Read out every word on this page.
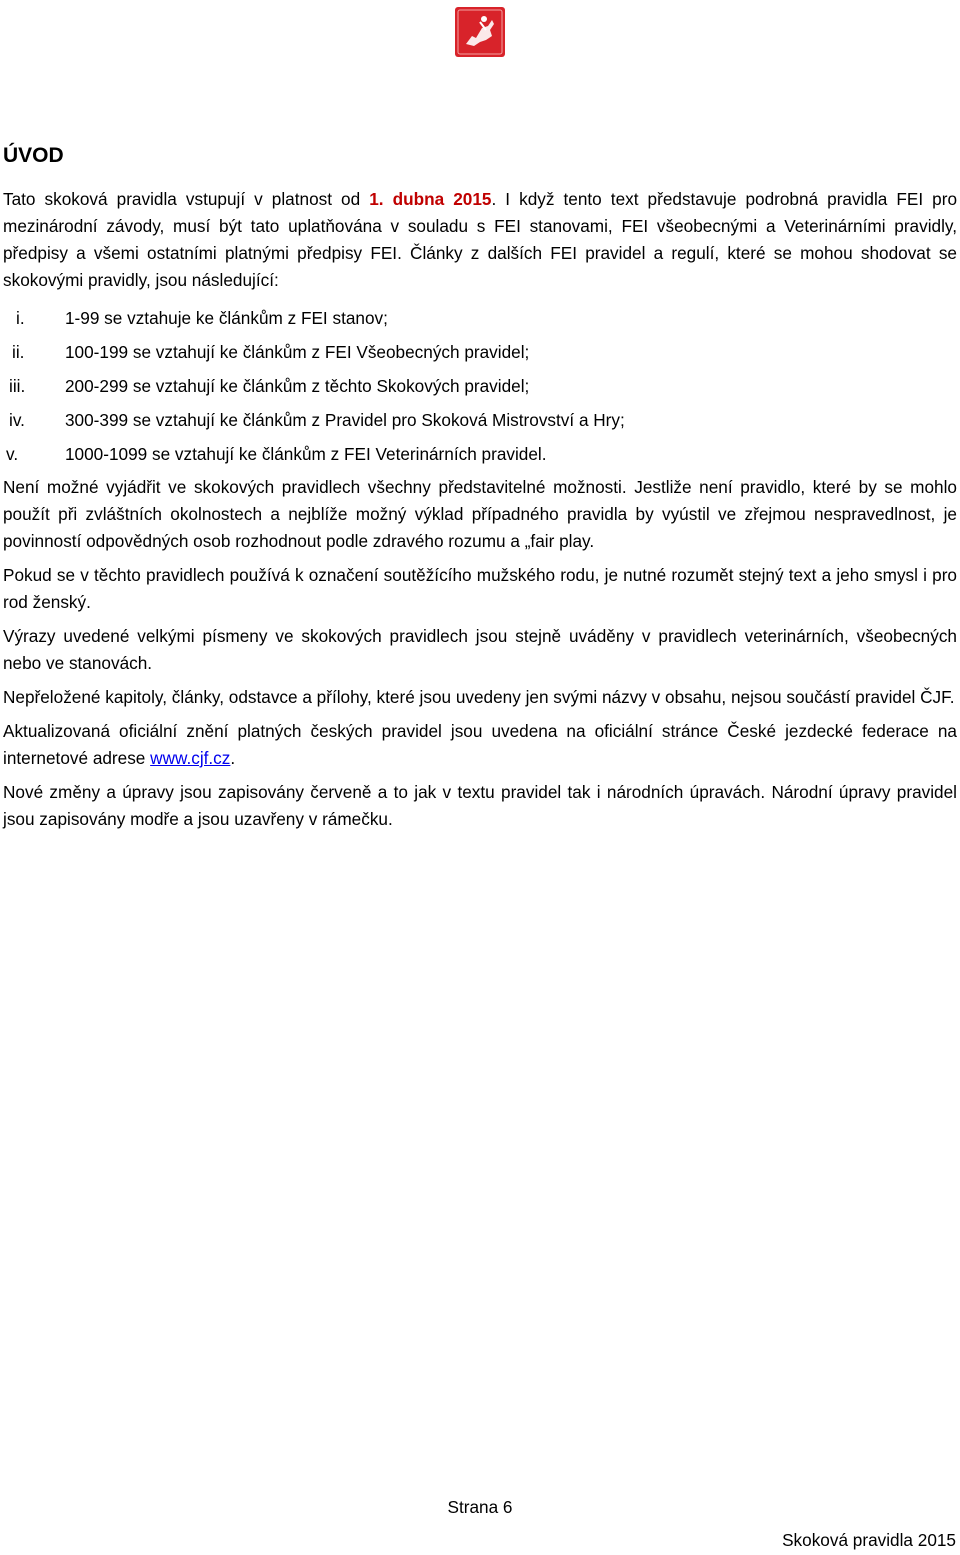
ÚVOD

Tato skoková pravidla vstupují v platnost od 1. dubna 2015. I když tento text představuje podrobná pravidla FEI pro mezinárodní závody, musí být tato uplatňována v souladu s FEI stanovami, FEI všeobecnými a Veterinárními pravidly, předpisy a všemi ostatními platnými předpisy FEI. Články z dalších FEI pravidel a regulí, které se mohou shodovat se skokovými pravidly, jsou následující:

i.	1-99 se vztahuje ke článkům z FEI stanov;
ii.	100-199 se vztahují ke článkům z FEI Všeobecných pravidel;
iii.	200-299 se vztahují ke článkům z těchto Skokových pravidel;
iv.	300-399 se vztahují ke článkům z Pravidel pro Skoková Mistrovství a Hry;
v.	1000-1099 se vztahují ke článkům z FEI Veterinárních pravidel.

Není možné vyjádřit ve skokových pravidlech všechny představitelné možnosti. Jestliže není pravidlo, které by se mohlo použít při zvláštních okolnostech a nejblíže možný výklad případného pravidla by vyústil ve zřejmou nespravedlnost, je povinností odpovědných osob rozhodnout podle zdravého rozumu a „fair play.

Pokud se v těchto pravidlech používá k označení soutěžícího mužského rodu, je nutné rozumět stejný text a jeho smysl i pro rod ženský.

Výrazy uvedené velkými písmeny ve skokových pravidlech jsou stejně uváděny v pravidlech veterinárních, všeobecných nebo ve stanovách.

Nepřeložené kapitoly, články, odstavce a přílohy, které jsou uvedeny jen svými názvy v obsahu, nejsou součástí pravidel ČJF.

Aktualizovaná oficiální znění platných českých pravidel jsou uvedena na oficiální stránce České jezdecké federace na internetové adrese www.cjf.cz.

Nové změny a úpravy jsou zapisovány červeně a to jak v textu pravidel tak i národních úpravách. Národní úpravy pravidel jsou zapisovány modře a jsou uzavřeny v rámečku.

Strana 6
Skoková pravidla 2015
